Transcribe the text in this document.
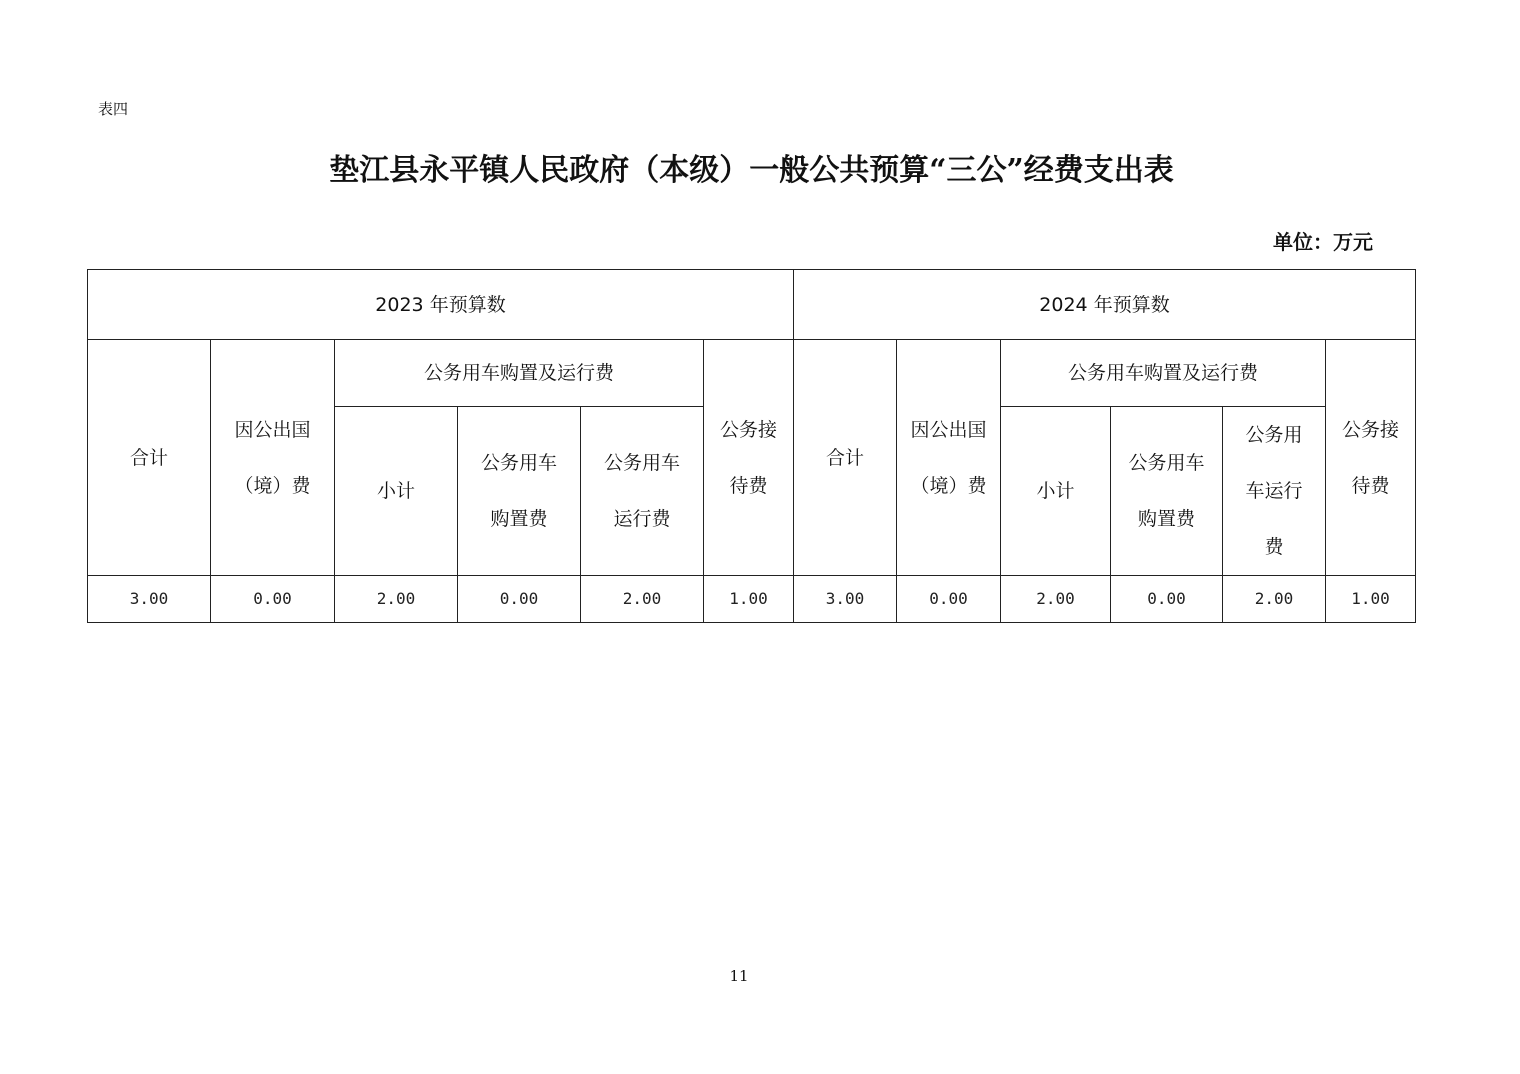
表四
垫江县永平镇人民政府（本级）一般公共预算“三公”经费支出表
单位：万元
2023 年预算数						2024 年预算数					
合计	因公出国（境）费	公务用车购置及运行费			公务接待费	合计	因公出国（境）费	公务用车购置及运行费			公务接待费
		小计	公务用车购置费	公务用车运行费				小计	公务用车购置费	公务用车运行费	
3.00	0.00	2.00	0.00	2.00	1.00	3.00	0.00	2.00	0.00	2.00	1.00
11
